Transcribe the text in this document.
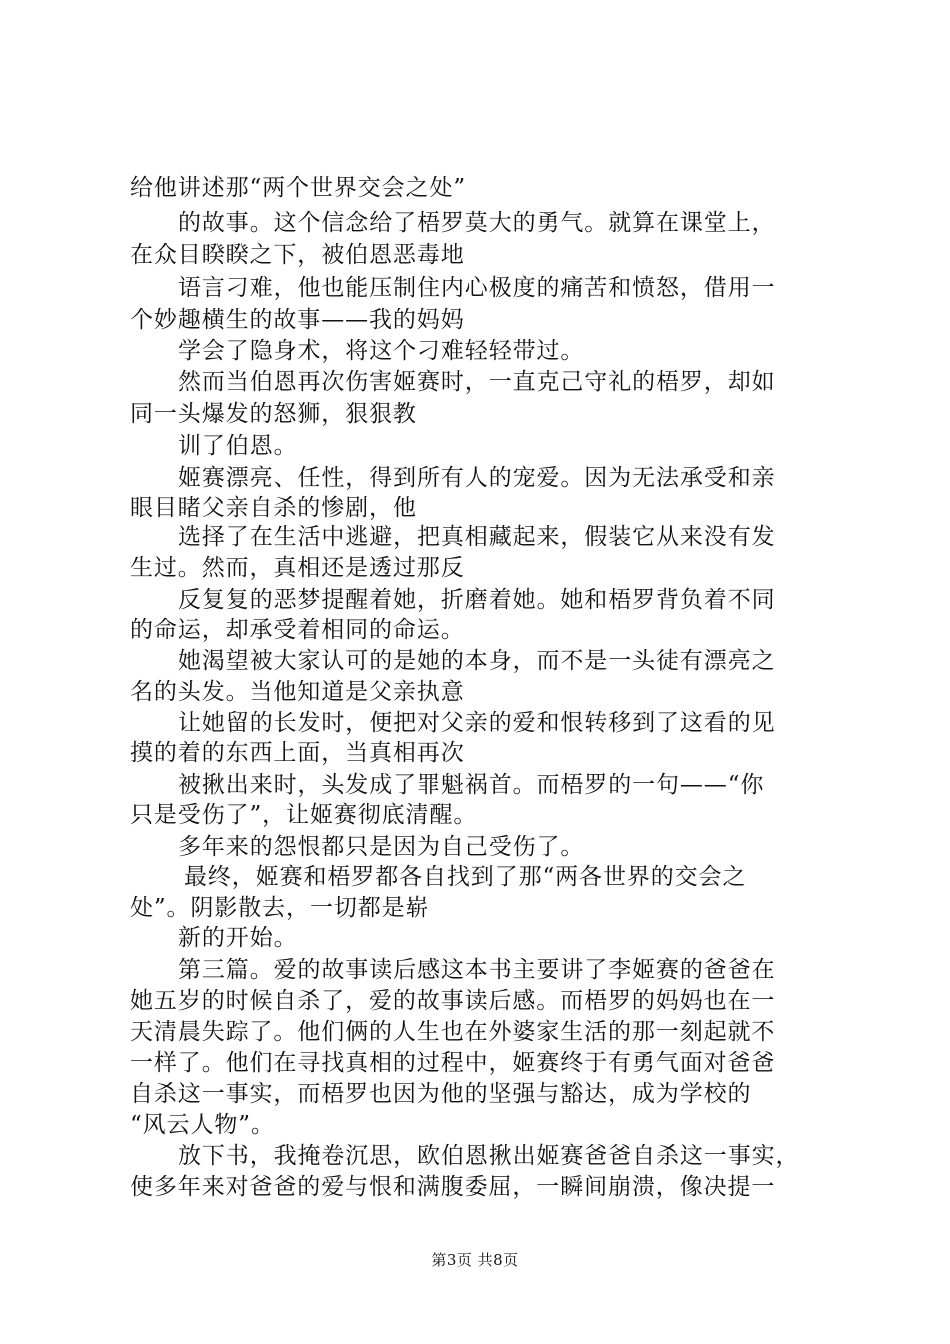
给他讲述那“两个世界交会之处”
的故事。这个信念给了梧罗莫大的勇气。就算在课堂上，
在众目睽睽之下，被伯恩恶毒地
语言刁难，他也能压制住内心极度的痛苦和愤怒，借用一
个妙趣横生的故事——我的妈妈
学会了隐身术，将这个刁难轻轻带过。
然而当伯恩再次伤害姬赛时，一直克己守礼的梧罗，却如
同一头爆发的怒狮，狠狠教
训了伯恩。
姬赛漂亮、任性，得到所有人的宠爱。因为无法承受和亲
眼目睹父亲自杀的惨剧，他
选择了在生活中逃避，把真相藏起来，假装它从来没有发
生过。然而，真相还是透过那反
反复复的恶梦提醒着她，折磨着她。她和梧罗背负着不同
的命运，却承受着相同的命运。
她渴望被大家认可的是她的本身，而不是一头徒有漂亮之
名的头发。当他知道是父亲执意
让她留的长发时，便把对父亲的爱和恨转移到了这看的见
摸的着的东西上面，当真相再次
被揪出来时，头发成了罪魁祸首。而梧罗的一句——“你
只是受伤了”，让姬赛彻底清醒。
多年来的怨恨都只是因为自己受伤了。
最终，姬赛和梧罗都各自找到了那“两各世界的交会之
处”。阴影散去，一切都是崭
新的开始。
第三篇。爱的故事读后感这本书主要讲了李姬赛的爸爸在
她五岁的时候自杀了，爱的故事读后感。而梧罗的妈妈也在一
天清晨失踪了。他们俩的人生也在外婆家生活的那一刻起就不
一样了。他们在寻找真相的过程中，姬赛终于有勇气面对爸爸
自杀这一事实，而梧罗也因为他的坚强与豁达，成为学校的
“风云人物”。
放下书，我掩卷沉思，欧伯恩揪出姬赛爸爸自杀这一事实，
使多年来对爸爸的爱与恨和满腹委屈，一瞬间崩溃，像决提一
第3页 共8页
